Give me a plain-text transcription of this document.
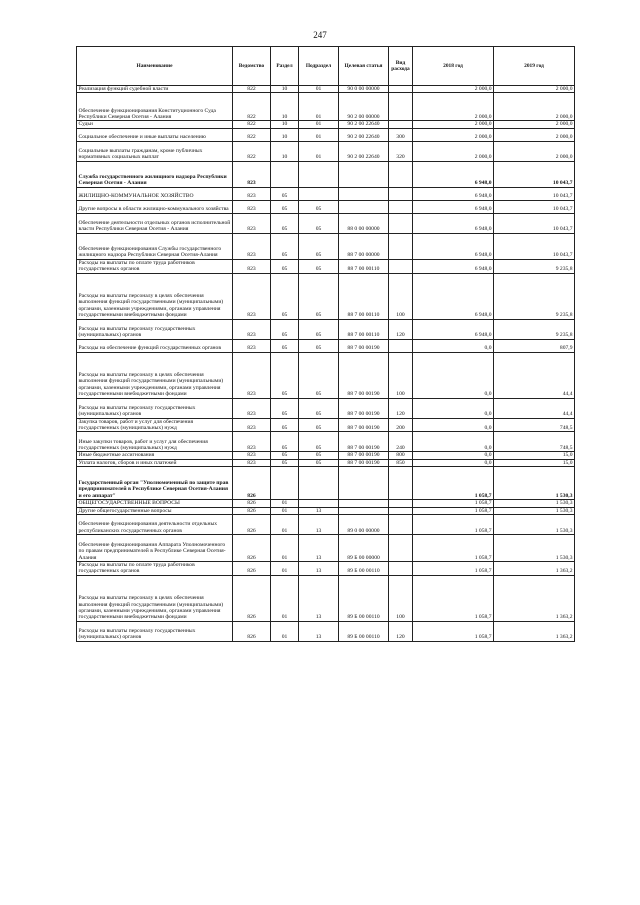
247
Наименование	Ведомство	Раздел	Подраздел	Целевая статья	Вид расхода	2018 год	2019 год
Реализация функций судебной власти	822	10	01	90 0 00 00000		2 000,0	2 000,0
Обеспечение функционирования Конституционного Суда Республики Северная Осетия - Алания	822	10	01	90 2 00 00000		2 000,0	2 000,0
Судьи	822	10	01	90 2 00 22640		2 000,0	2 000,0
Социальное обеспечение и иные выплаты населению	822	10	01	90 2 00 22640	300	2 000,0	2 000,0
Социальные выплаты гражданам, кроме публичных нормативных социальных выплат	822	10	01	90 2 00 22640	320	2 000,0	2 000,0
Служба государственного жилищного надзора Республики Северная Осетия - Алания	823					6 948,0	10 043,7
ЖИЛИЩНО-КОММУНАЛЬНОЕ ХОЗЯЙСТВО	823	05				6 948,0	10 043,7
Другие вопросы в области жилищно-коммунального хозяйства	823	05	05			6 948,0	10 043,7
Обеспечение деятельности отдельных органов исполнительной власти Республики Северная Осетия - Алания	823	05	05	88 0 00 00000		6 948,0	10 043,7
Обеспечение функционирования Службы государственного жилищного надзора Республики Северная Осетия-Алания	823	05	05	88 7 00 00000		6 948,0	10 043,7
Расходы на выплаты по оплате труда работников государственных органов	823	05	05	88 7 00 00110		6 948,0	9 235,8
Расходы на выплаты персоналу в целях обеспечения выполнения функций государственными (муниципальными) органами, казенными учреждениями, органами управления государственными внебюджетными фондами	823	05	05	88 7 00 00110	100	6 948,0	9 235,8
Расходы на выплаты персоналу государственных (муниципальных) органов	823	05	05	88 7 00 00110	120	6 948,0	9 235,8
Расходы на обеспечение функций государственных органов	823	05	05	88 7 00 00190		0,0	807,9
Расходы на выплаты персоналу в целях обеспечения выполнения функций государственными (муниципальными) органами, казенными учреждениями, органами управления государственными внебюджетными фондами	823	05	05	88 7 00 00190	100	0,0	44,4
Расходы на выплаты персоналу государственных (муниципальных) органов	823	05	05	88 7 00 00190	120	0,0	44,4
Закупка товаров, работ и услуг для обеспечения государственных (муниципальных) нужд	823	05	05	88 7 00 00190	200	0,0	748,5
Иные закупки товаров, работ и услуг для обеспечения государственных (муниципальных) нужд	823	05	05	88 7 00 00190	240	0,0	748,5
Иные бюджетные ассигнования	823	05	05	88 7 00 00190	800	0,0	15,0
Уплата налогов, сборов и иных платежей	823	05	05	88 7 00 00190	850	0,0	15,0
Государственный орган "Уполномоченный по защите прав предпринимателей в Республике Северная Осетия-Алания и его аппарат"	826					1 058,7	1 530,3
ОБЩЕГОСУДАРСТВЕННЫЕ ВОПРОСЫ	826	01				1 058,7	1 530,3
Другие общегосударственные вопросы	826	01	13			1 058,7	1 530,3
Обеспечение функционирования деятельности отдельных республиканских государственных органов	826	01	13	89 0 00 00000		1 058,7	1 530,3
Обеспечение функционирования Аппарата Уполномоченного по правам предпринимателей в Республике Северная Осетия-Алания	826	01	13	89 Б 00 00000		1 058,7	1 530,3
Расходы на выплаты по оплате труда работников государственных органов	826	01	13	89 Б 00 00110		1 058,7	1 363,2
Расходы на выплаты персоналу в целях обеспечения выполнения функций государственными (муниципальными) органами, казенными учреждениями, органами управления государственными внебюджетными фондами	826	01	13	89 Б 00 00110	100	1 058,7	1 363,2
Расходы на выплаты персоналу государственных (муниципальных) органов	826	01	13	89 Б 00 00110	120	1 058,7	1 363,2
